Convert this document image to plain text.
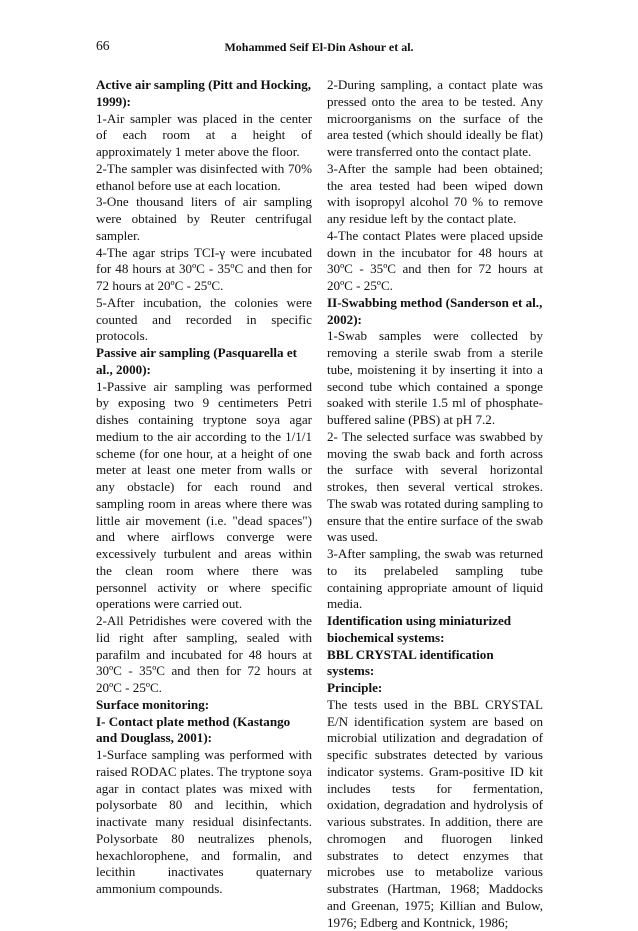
66	Mohammed Seif El-Din Ashour et al.

Active air sampling (Pitt and Hocking, 1999):

1-Air sampler was placed in the center of each room at a height of approximately 1 meter above the floor.

2-The sampler was disinfected with 70% ethanol before use at each location.

3-One thousand liters of air sampling were obtained by Reuter centrifugal sampler.

4-The agar strips TCI-γ were incubated for 48 hours at 30ºC - 35ºC and then for 72 hours at 20ºC - 25ºC.

5-After incubation, the colonies were counted and recorded in specific protocols.

Passive air sampling (Pasquarella et al., 2000):

1-Passive air sampling was performed by exposing two 9 centimeters Petri dishes containing tryptone soya agar medium to the air according to the 1/1/1 scheme (for one hour, at a height of one meter at least one meter from walls or any obstacle) for each round and sampling room in areas where there was little air movement (i.e. "dead spaces") and where airflows converge were excessively turbulent and areas within the clean room where there was personnel activity or where specific operations were carried out.

2-All Petridishes were covered with the lid right after sampling, sealed with parafilm and incubated for 48 hours at 30ºC - 35ºC and then for 72 hours at 20ºC - 25ºC.

Surface monitoring:

I- Contact plate method (Kastango and Douglass, 2001):

1-Surface sampling was performed with raised RODAC plates. The tryptone soya agar in contact plates was mixed with polysorbate 80 and lecithin, which inactivate many residual disinfectants. Polysorbate 80 neutralizes phenols, hexachlorophene, and formalin, and lecithin inactivates quaternary ammonium compounds.

2-During sampling, a contact plate was pressed onto the area to be tested. Any microorganisms on the surface of the area tested (which should ideally be flat) were transferred onto the contact plate.

3-After the sample had been obtained; the area tested had been wiped down with isopropyl alcohol 70 % to remove any residue left by the contact plate.

4-The contact Plates were placed upside down in the incubator for 48 hours at 30ºC - 35ºC and then for 72 hours at 20ºC - 25ºC.

II-Swabbing method (Sanderson et al., 2002):

1-Swab samples were collected by removing a sterile swab from a sterile tube, moistening it by inserting it into a second tube which contained a sponge soaked with sterile 1.5 ml of phosphate-buffered saline (PBS) at pH 7.2.

2- The selected surface was swabbed by moving the swab back and forth across the surface with several horizontal strokes, then several vertical strokes. The swab was rotated during sampling to ensure that the entire surface of the swab was used.

3-After sampling, the swab was returned to its prelabeled sampling tube containing appropriate amount of liquid media.

Identification using miniaturized biochemical systems:

BBL CRYSTAL identification systems:

Principle:

The tests used in the BBL CRYSTAL E/N identification system are based on microbial utilization and degradation of specific substrates detected by various indicator systems. Gram-positive ID kit includes tests for fermentation, oxidation, degradation and hydrolysis of various substrates. In addition, there are chromogen and fluorogen linked substrates to detect enzymes that microbes use to metabolize various substrates (Hartman, 1968; Maddocks and Greenan, 1975; Killian and Bulow, 1976; Edberg and Kontnick, 1986;
